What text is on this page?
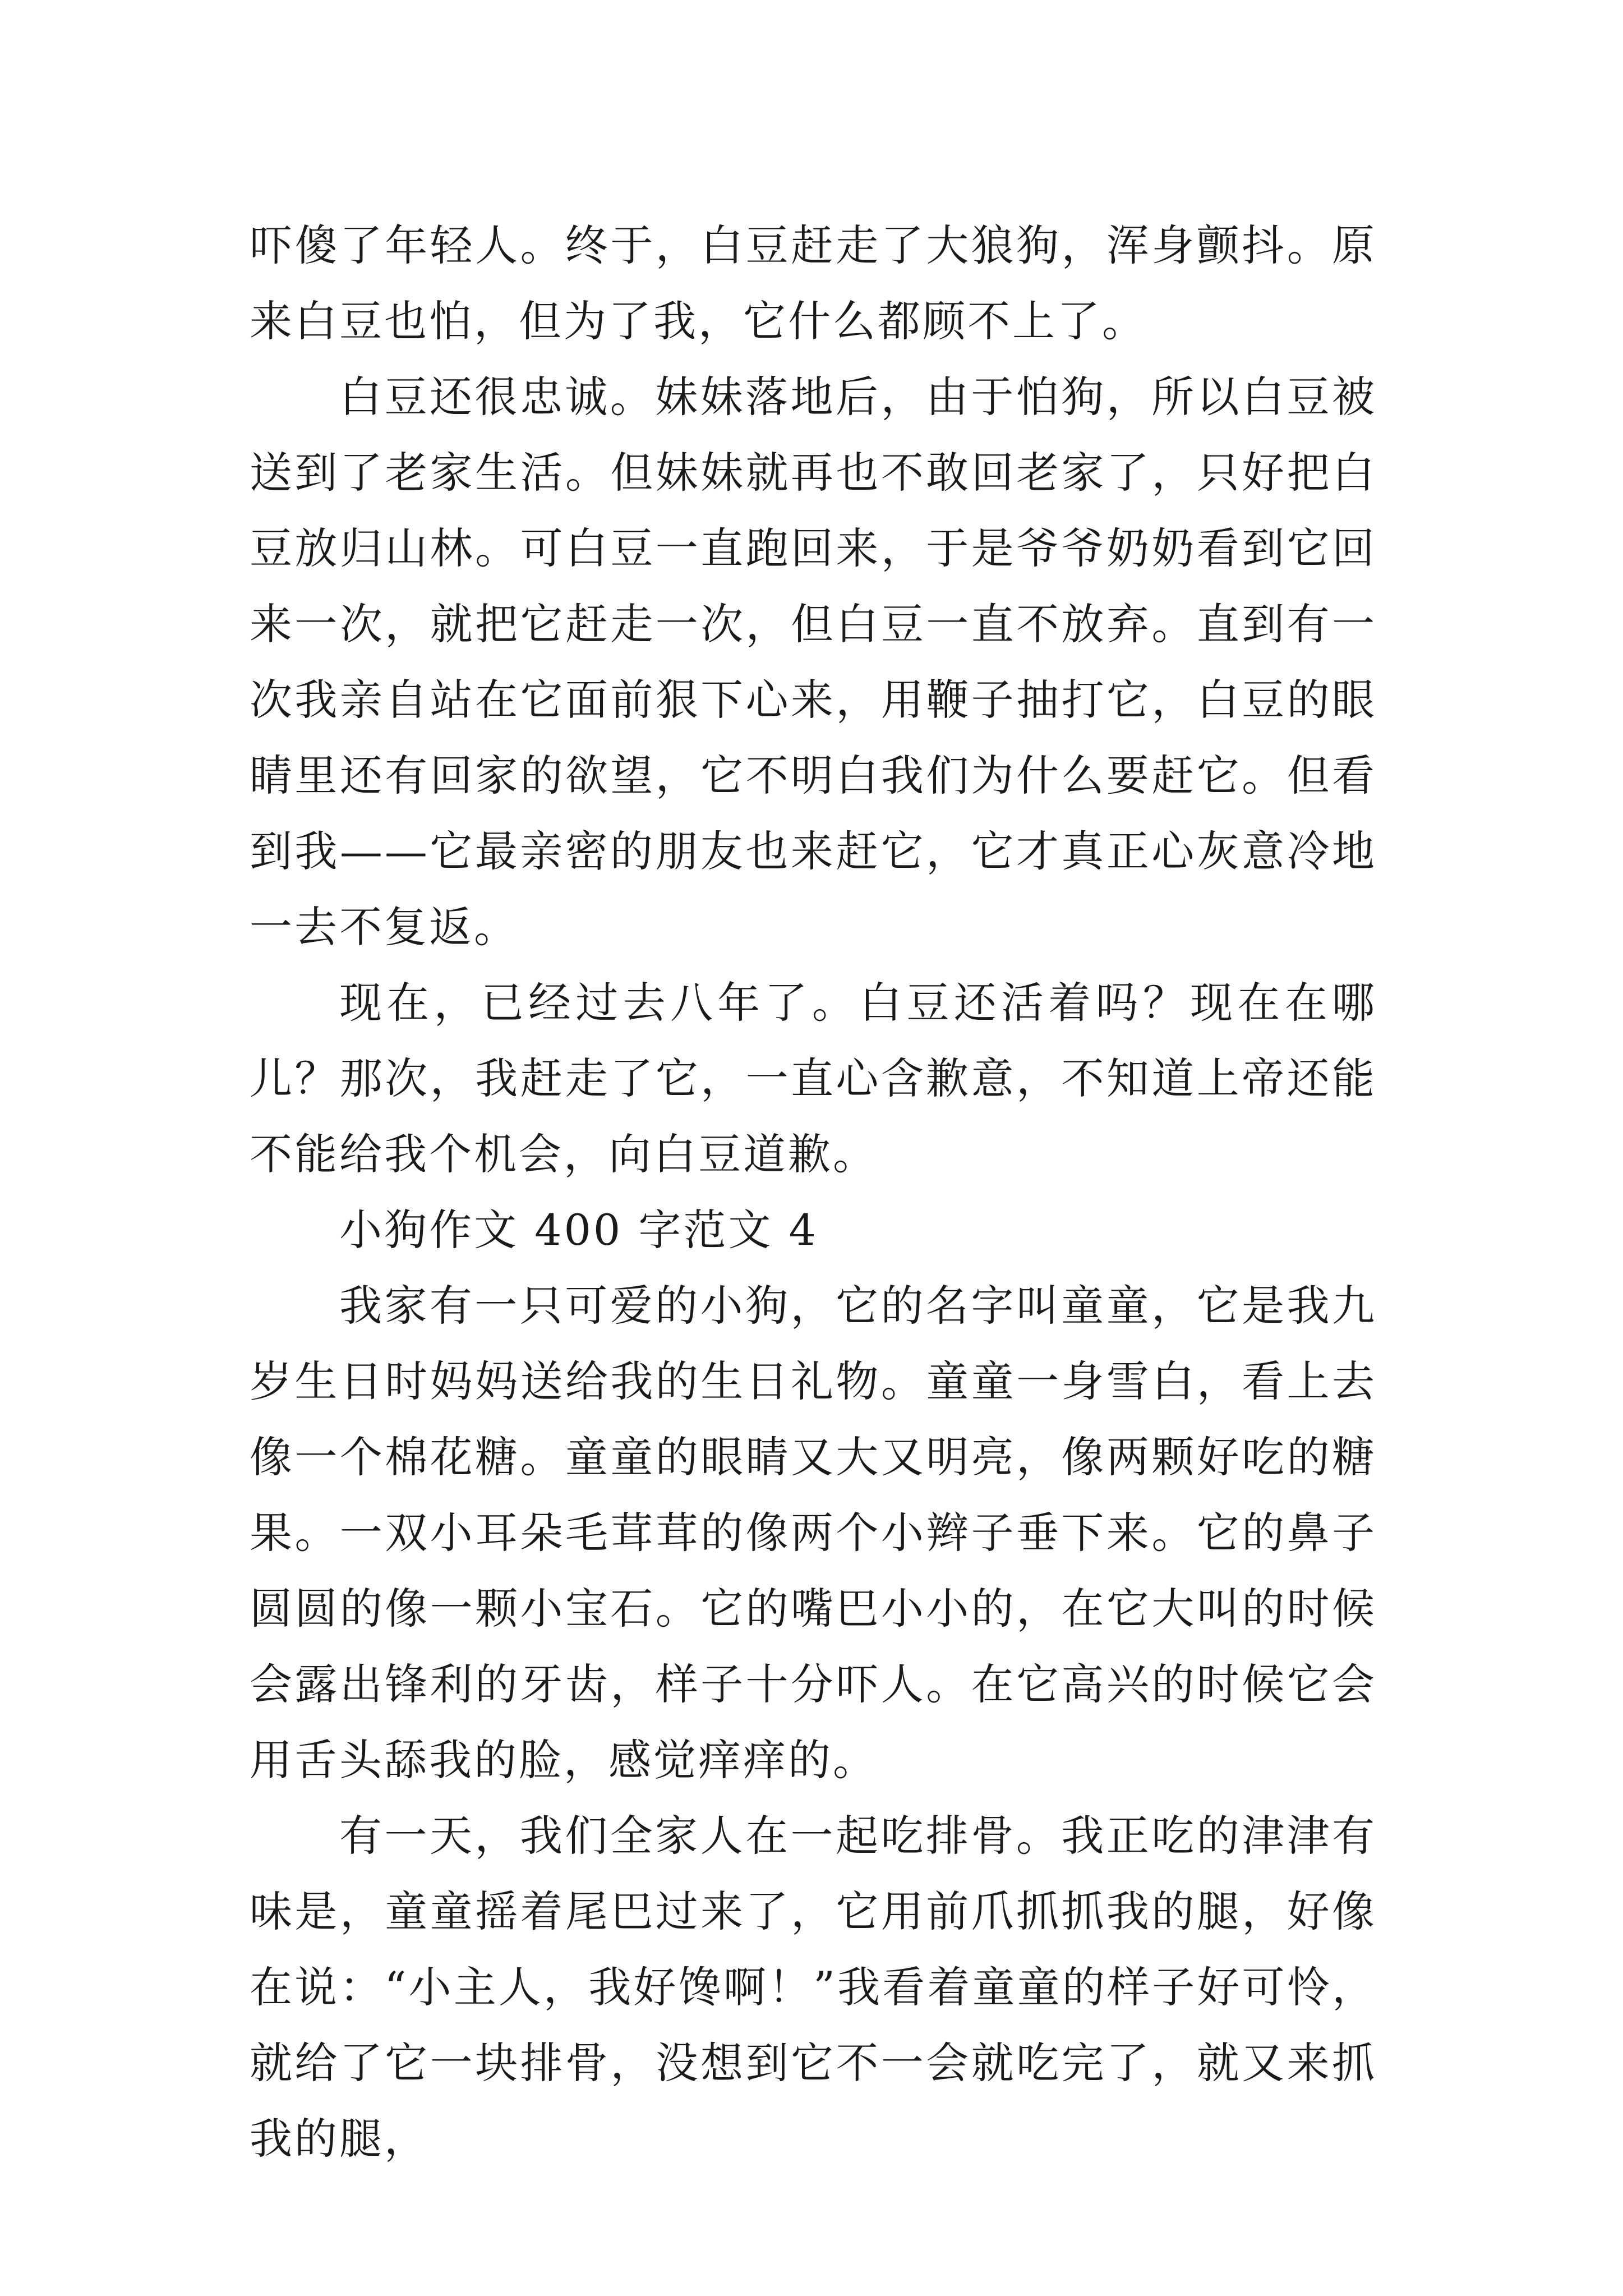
吓傻了年轻人。终于，白豆赶走了大狼狗，浑身颤抖。原来白豆也怕，但为了我，它什么都顾不上了。

白豆还很忠诚。妹妹落地后，由于怕狗，所以白豆被送到了老家生活。但妹妹就再也不敢回老家了，只好把白豆放归山林。可白豆一直跑回来，于是爷爷奶奶看到它回来一次，就把它赶走一次，但白豆一直不放弃。直到有一次我亲自站在它面前狠下心来，用鞭子抽打它，白豆的眼睛里还有回家的欲望，它不明白我们为什么要赶它。但看到我——它最亲密的朋友也来赶它，它才真正心灰意冷地一去不复返。

现在，已经过去八年了。白豆还活着吗？现在在哪儿？那次，我赶走了它，一直心含歉意，不知道上帝还能不能给我个机会，向白豆道歉。

小狗作文 400 字范文 4

我家有一只可爱的小狗，它的名字叫童童，它是我九岁生日时妈妈送给我的生日礼物。童童一身雪白，看上去像一个棉花糖。童童的眼睛又大又明亮，像两颗好吃的糖果。一双小耳朵毛茸茸的像两个小辫子垂下来。它的鼻子圆圆的像一颗小宝石。它的嘴巴小小的，在它大叫的时候会露出锋利的牙齿，样子十分吓人。在它高兴的时候它会用舌头舔我的脸，感觉痒痒的。

有一天，我们全家人在一起吃排骨。我正吃的津津有味是，童童摇着尾巴过来了，它用前爪抓抓我的腿，好像在说：“小主人，我好馋啊！”我看着童童的样子好可怜，就给了它一块排骨，没想到它不一会就吃完了，就又来抓我的腿，
